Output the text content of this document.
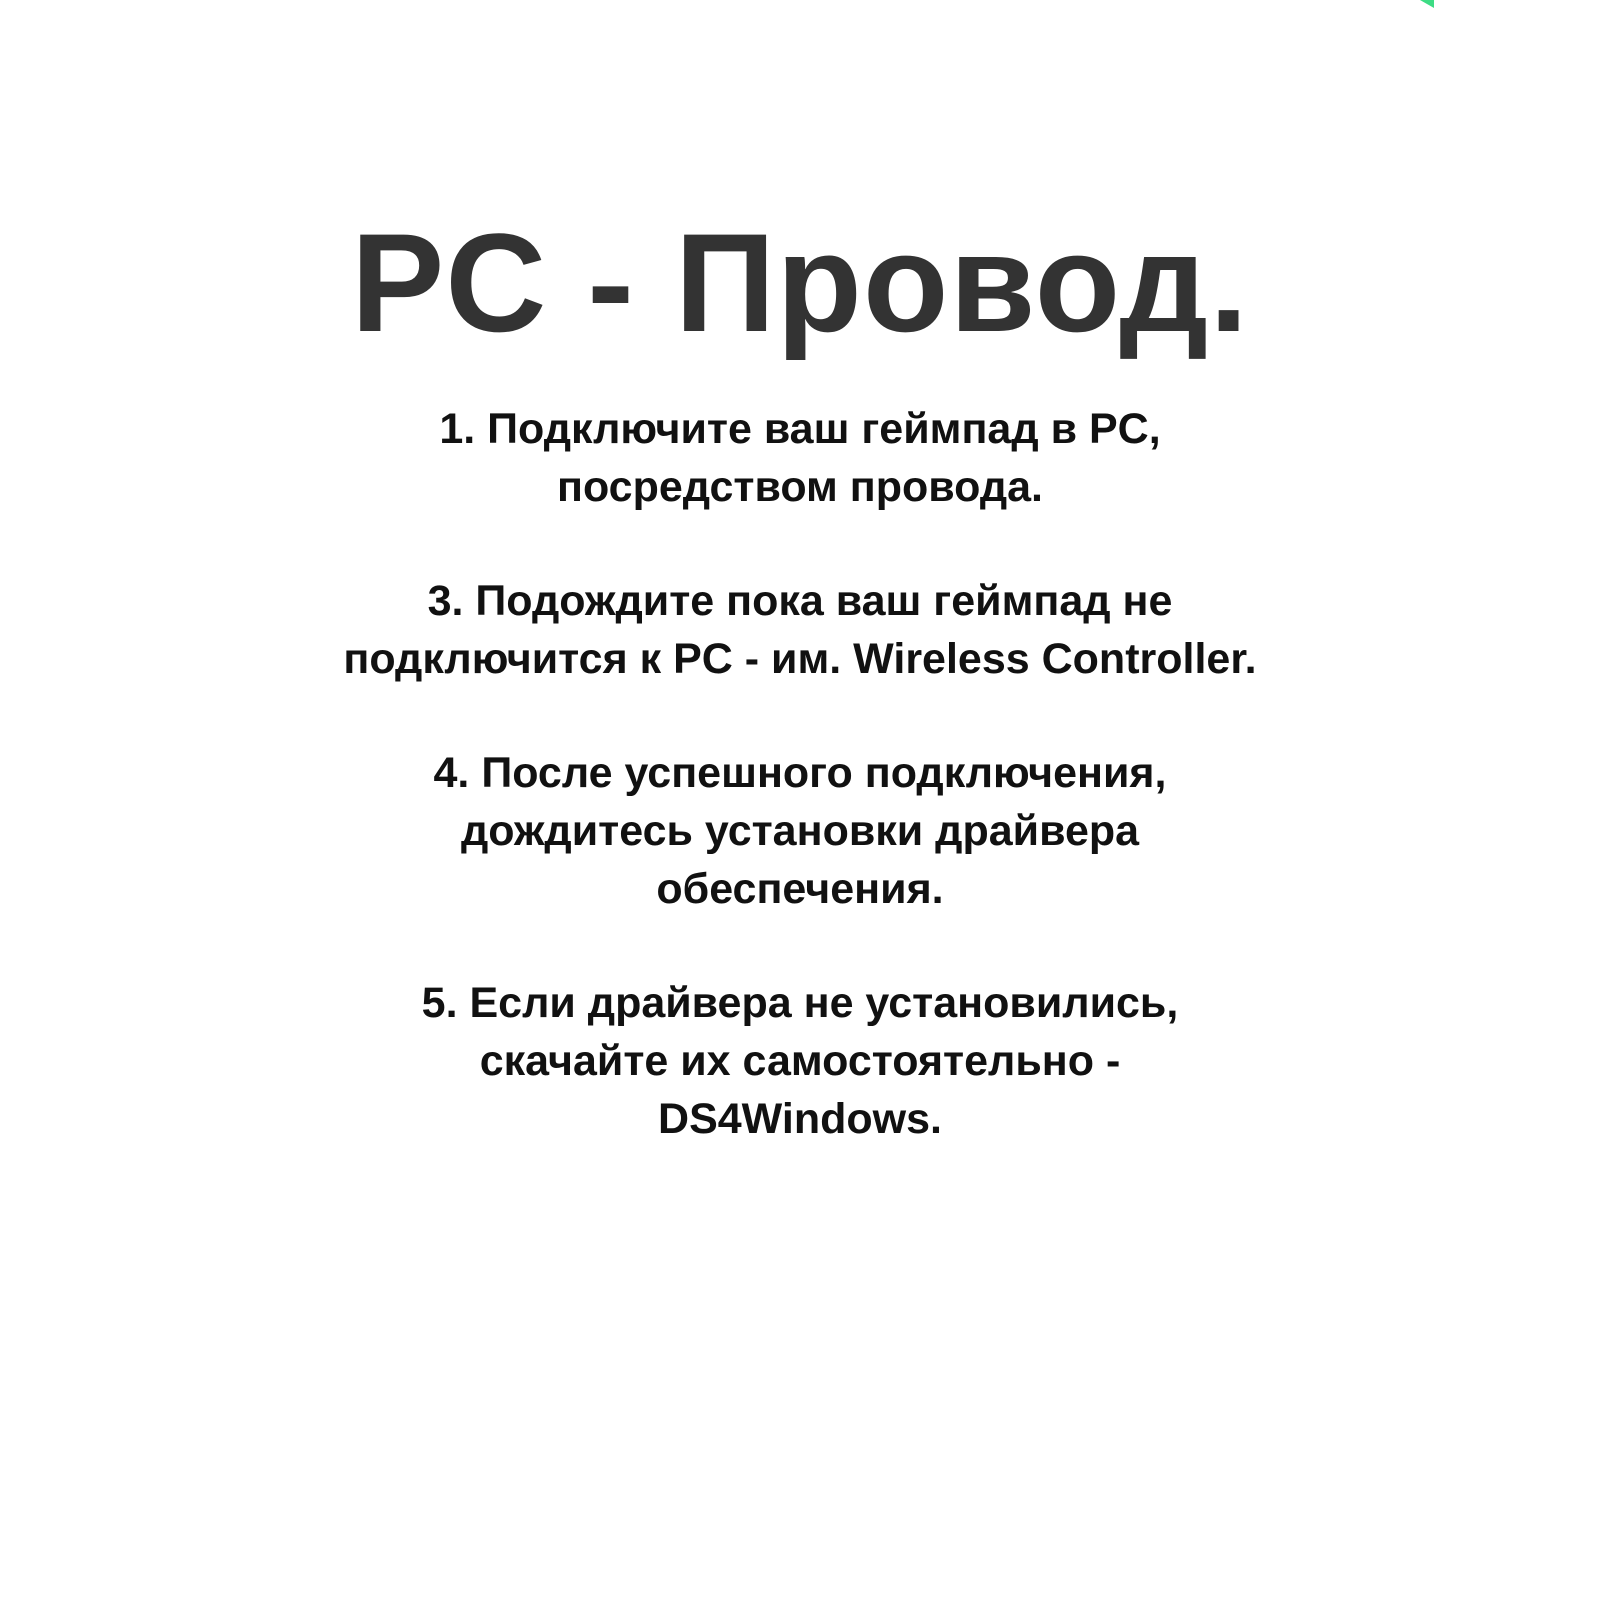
PC - Провод.

1. Подключите ваш геймпад в PC,
посредством провода.

3. Подождите пока ваш геймпад не
подключится к PC - им. Wireless Controller.

4. После успешного подключения,
дождитесь установки драйвера
обеспечения.

5. Если драйвера не установились,
скачайте их самостоятельно -
DS4Windows.
